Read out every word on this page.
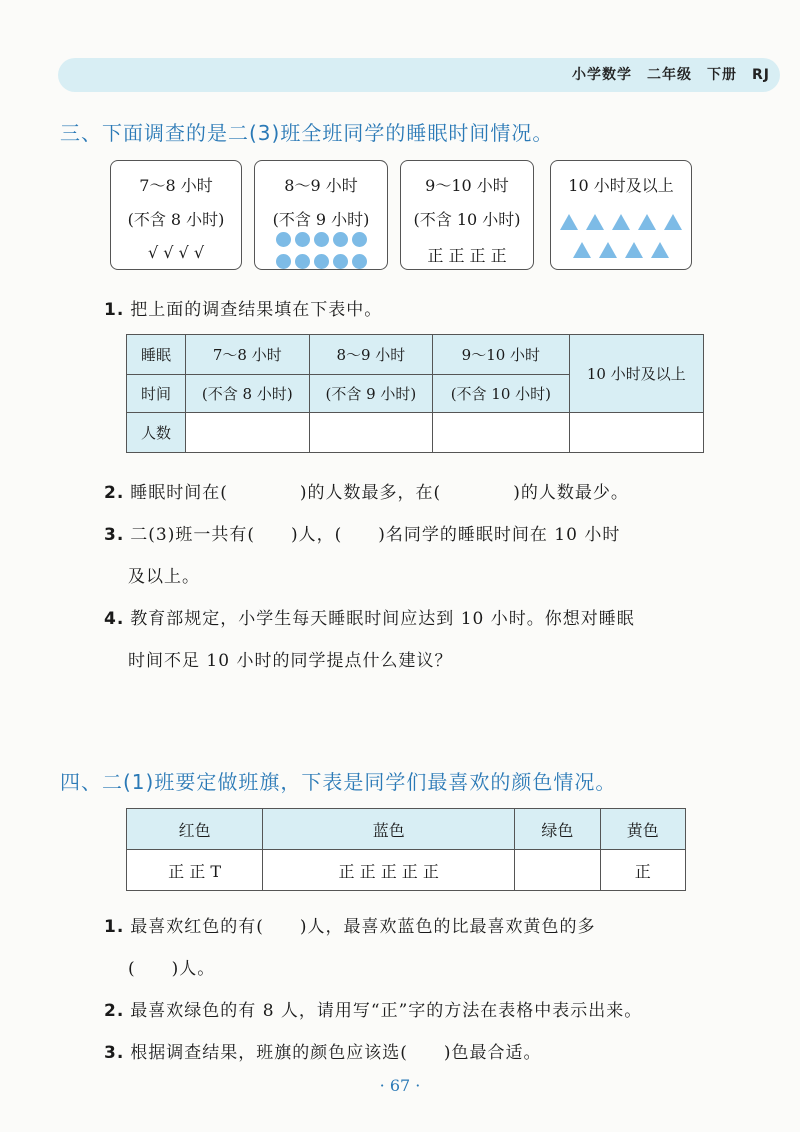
小学数学　二年级　下册　RJ
三、下面调查的是二(3)班全班同学的睡眠时间情况。
7～8 小时
(不含 8 小时)
√ √ √ √
8～9 小时
(不含 9 小时)

9～10 小时
(不含 10 小时)
正 正 正 正
10 小时及以上

1. 把上面的调查结果填在下表中。
睡眠	7～8 小时	8～9 小时	9～10 小时	10 小时及以上
时间	(不含 8 小时)	(不含 9 小时)	(不含 10 小时)	
人数				
2. 睡眠时间在(　　　　)的人数最多，在(　　　　)的人数最少。
3. 二(3)班一共有(　　)人，(　　)名同学的睡眠时间在 10 小时
及以上。
4. 教育部规定，小学生每天睡眠时间应达到 10 小时。你想对睡眠
时间不足 10 小时的同学提点什么建议？
四、二(1)班要定做班旗，下表是同学们最喜欢的颜色情况。
红色	蓝色	绿色	黄色
正 正 T	正 正 正 正 正		正
1. 最喜欢红色的有(　　)人，最喜欢蓝色的比最喜欢黄色的多
(　　)人。
2. 最喜欢绿色的有 8 人，请用写“正”字的方法在表格中表示出来。
3. 根据调查结果，班旗的颜色应该选(　　)色最合适。
· 67 ·
